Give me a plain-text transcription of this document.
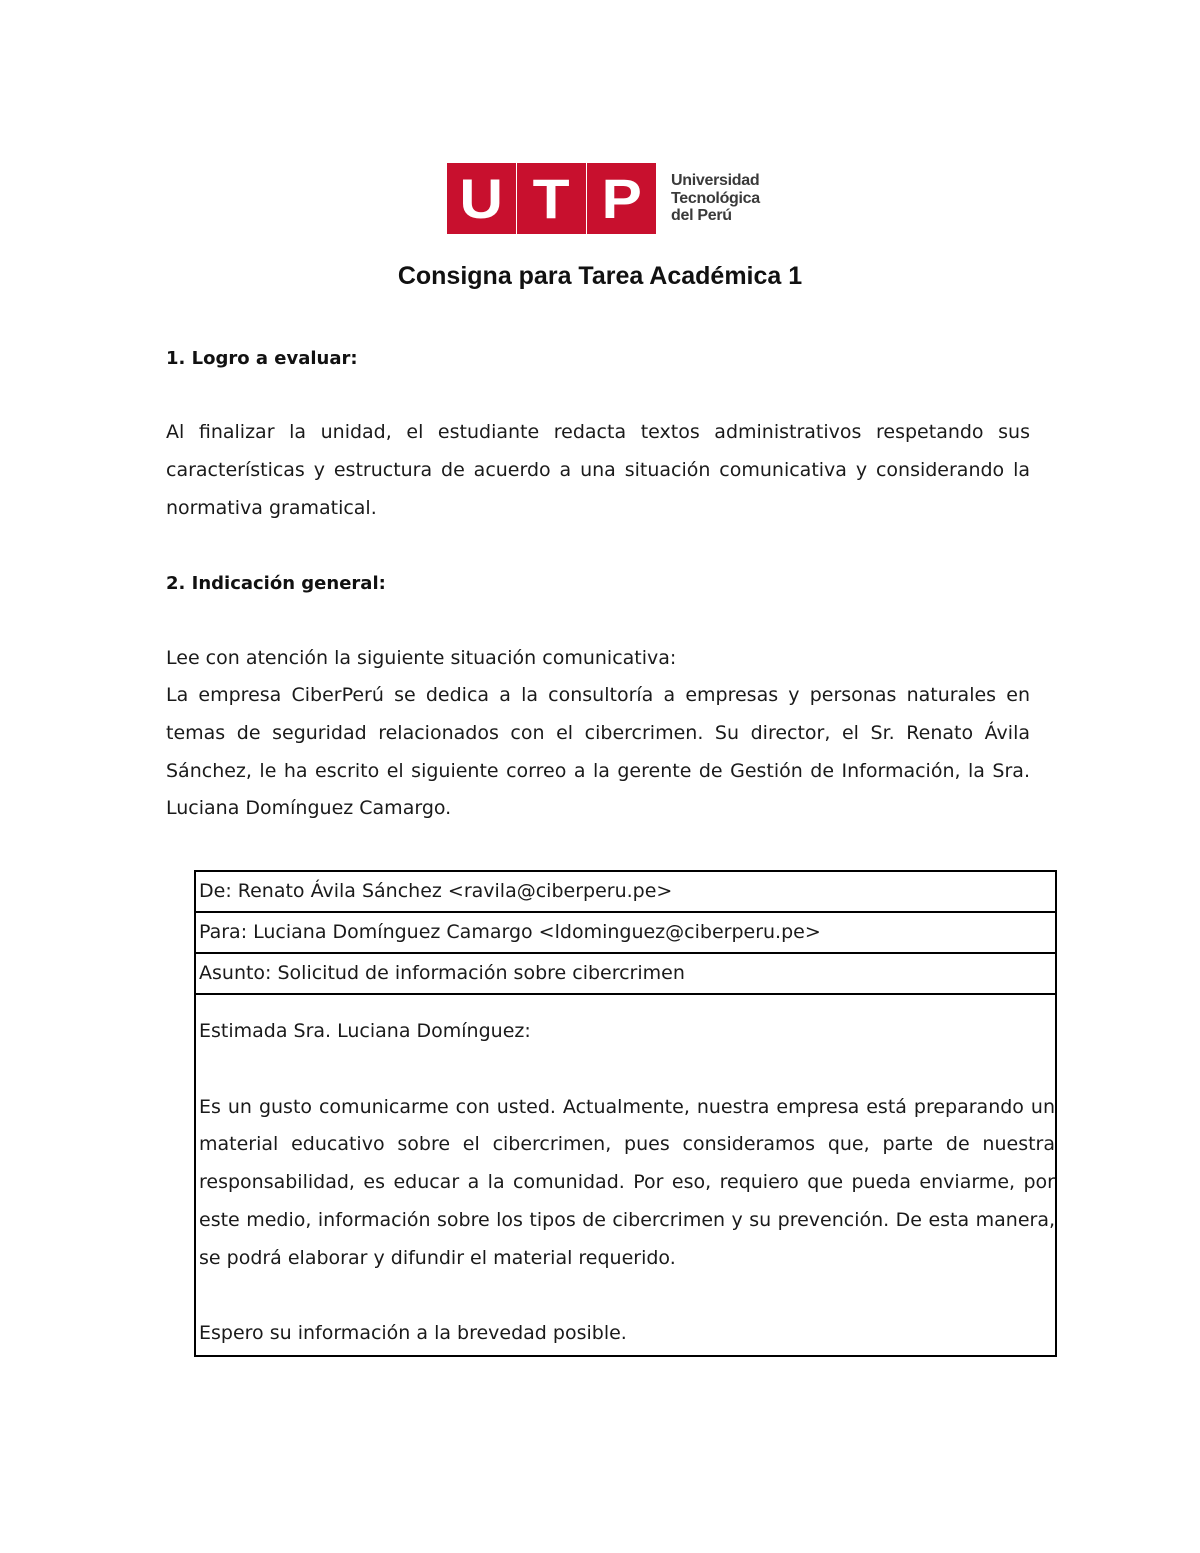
U T P Universidad
Tecnológica
del Perú
Consigna para Tarea Académica 1
1. Logro a evaluar:

Al finalizar la unidad, el estudiante redacta textos administrativos respetando sus características y estructura de acuerdo a una situación comunicativa y considerando la normativa gramatical.

2. Indicación general:

Lee con atención la siguiente situación comunicativa:

La empresa CiberPerú se dedica a la consultoría a empresas y personas naturales en temas de seguridad relacionados con el cibercrimen. Su director, el Sr. Renato Ávila Sánchez, le ha escrito el siguiente correo a la gerente de Gestión de Información, la Sra. Luciana Domínguez Camargo.

De: Renato Ávila Sánchez <ravila@ciberperu.pe>
Para: Luciana Domínguez Camargo <ldominguez@ciberperu.pe>
Asunto: Solicitud de información sobre cibercrimen

Estimada Sra. Luciana Domínguez:

Es un gusto comunicarme con usted. Actualmente, nuestra empresa está preparando un material educativo sobre el cibercrimen, pues consideramos que, parte de nuestra responsabilidad, es educar a la comunidad. Por eso, requiero que pueda enviarme, por este medio, información sobre los tipos de cibercrimen y su prevención. De esta manera, se podrá elaborar y difundir el material requerido.

Espero su información a la brevedad posible.
